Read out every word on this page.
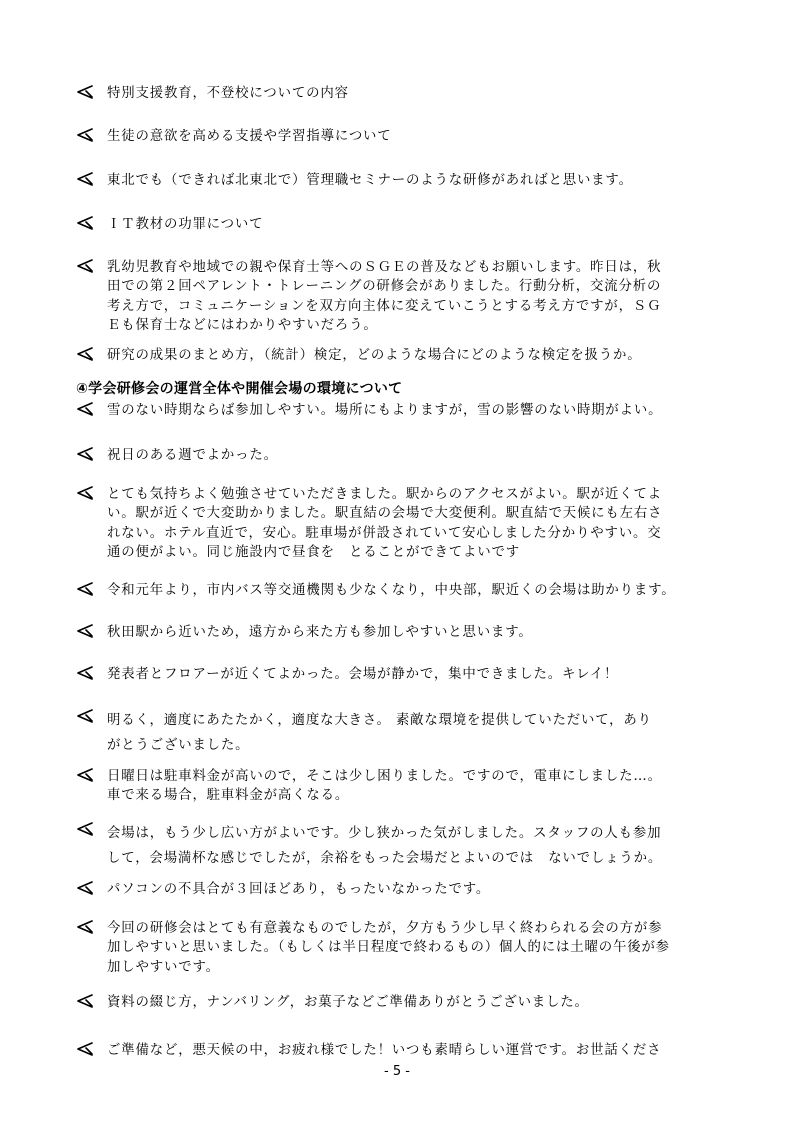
特別支援教育，不登校についての内容
生徒の意欲を高める支援や学習指導について
東北でも（できれば北東北で）管理職セミナーのような研修があればと思います。
ＩＴ教材の功罪について
乳幼児教育や地域での親や保育士等へのＳＧＥの普及などもお願いします。昨日は，秋
田での第２回ペアレント・トレーニングの研修会がありました。行動分析，交流分析の
考え方で，コミュニケーションを双方向主体に変えていこうとする考え方ですが，ＳＧ
Ｅも保育士などにはわかりやすいだろう。
研究の成果のまとめ方，（統計）検定，どのような場合にどのような検定を扱うか。
④学会研修会の運営全体や開催会場の環境について
雪のない時期ならば参加しやすい。場所にもよりますが，雪の影響のない時期がよい。
祝日のある週でよかった。
とても気持ちよく勉強させていただきました。駅からのアクセスがよい。駅が近くてよ
い。駅が近くで大変助かりました。駅直結の会場で大変便利。駅直結で天候にも左右さ
れない。ホテル直近で，安心。駐車場が併設されていて安心しました分かりやすい。交
通の便がよい。同じ施設内で昼食を　とることができてよいです
令和元年より，市内バス等交通機関も少なくなり，中央部，駅近くの会場は助かります。
秋田駅から近いため，遠方から来た方も参加しやすいと思います。
発表者とフロアーが近くてよかった。会場が静かで，集中できました。キレイ！
明るく，適度にあたたかく，適度な大きさ。 素敵な環境を提供していただいて，あり
がとうございました。
日曜日は駐車料金が高いので，そこは少し困りました。ですので，電車にしました…。
車で来る場合，駐車料金が高くなる。
会場は，もう少し広い方がよいです。少し狭かった気がしました。スタッフの人も参加
して，会場満杯な感じでしたが，余裕をもった会場だとよいのでは　ないでしょうか。
パソコンの不具合が３回ほどあり，もったいなかったです。
今回の研修会はとても有意義なものでしたが，夕方もう少し早く終わられる会の方が参
加しやすいと思いました。（もしくは半日程度で終わるもの）個人的には土曜の午後が参
加しやすいです。
資料の綴じ方，ナンバリング，お菓子などご準備ありがとうございました。
ご準備など，悪天候の中，お疲れ様でした！いつも素晴らしい運営です。お世話くださ
- 5 -
